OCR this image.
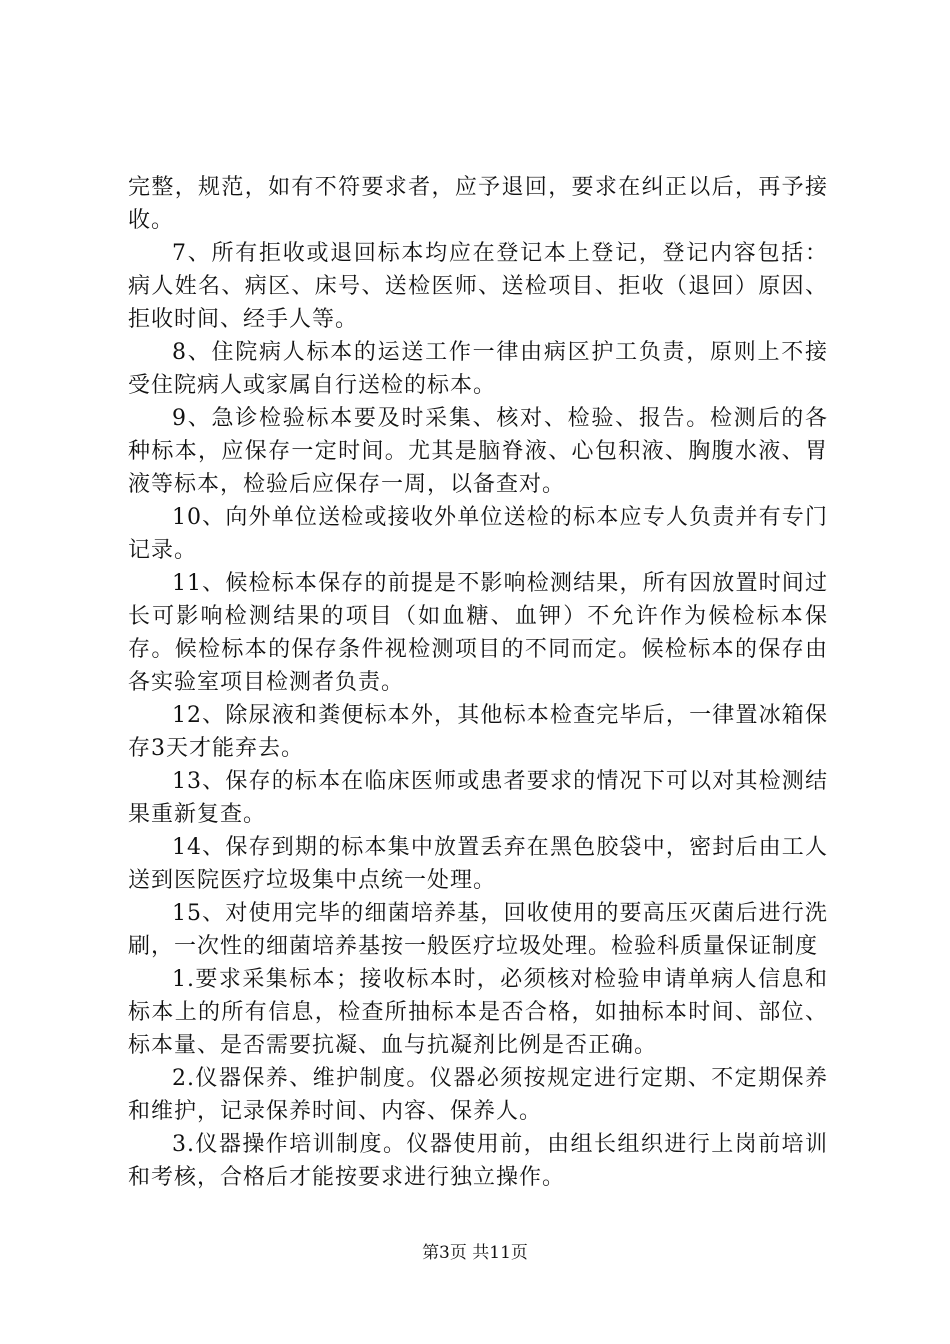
完整，规范，如有不符要求者，应予退回，要求在纠正以后，再予接收。

7、所有拒收或退回标本均应在登记本上登记，登记内容包括：病人姓名、病区、床号、送检医师、送检项目、拒收（退回）原因、拒收时间、经手人等。

8、住院病人标本的运送工作一律由病区护工负责，原则上不接受住院病人或家属自行送检的标本。

9、急诊检验标本要及时采集、核对、检验、报告。检测后的各种标本，应保存一定时间。尤其是脑脊液、心包积液、胸腹水液、胃液等标本，检验后应保存一周，以备查对。

10、向外单位送检或接收外单位送检的标本应专人负责并有专门记录。

11、候检标本保存的前提是不影响检测结果，所有因放置时间过长可影响检测结果的项目（如血糖、血钾）不允许作为候检标本保存。候检标本的保存条件视检测项目的不同而定。候检标本的保存由各实验室项目检测者负责。

12、除尿液和粪便标本外，其他标本检查完毕后，一律置冰箱保存3天才能弃去。

13、保存的标本在临床医师或患者要求的情况下可以对其检测结果重新复查。

14、保存到期的标本集中放置丢弃在黑色胶袋中，密封后由工人送到医院医疗垃圾集中点统一处理。

15、对使用完毕的细菌培养基，回收使用的要高压灭菌后进行洗刷，一次性的细菌培养基按一般医疗垃圾处理。检验科质量保证制度

1.要求采集标本；接收标本时，必须核对检验申请单病人信息和标本上的所有信息，检查所抽标本是否合格，如抽标本时间、部位、标本量、是否需要抗凝、血与抗凝剂比例是否正确。

2.仪器保养、维护制度。仪器必须按规定进行定期、不定期保养和维护，记录保养时间、内容、保养人。

3.仪器操作培训制度。仪器使用前，由组长组织进行上岗前培训和考核，合格后才能按要求进行独立操作。

第3页 共11页
